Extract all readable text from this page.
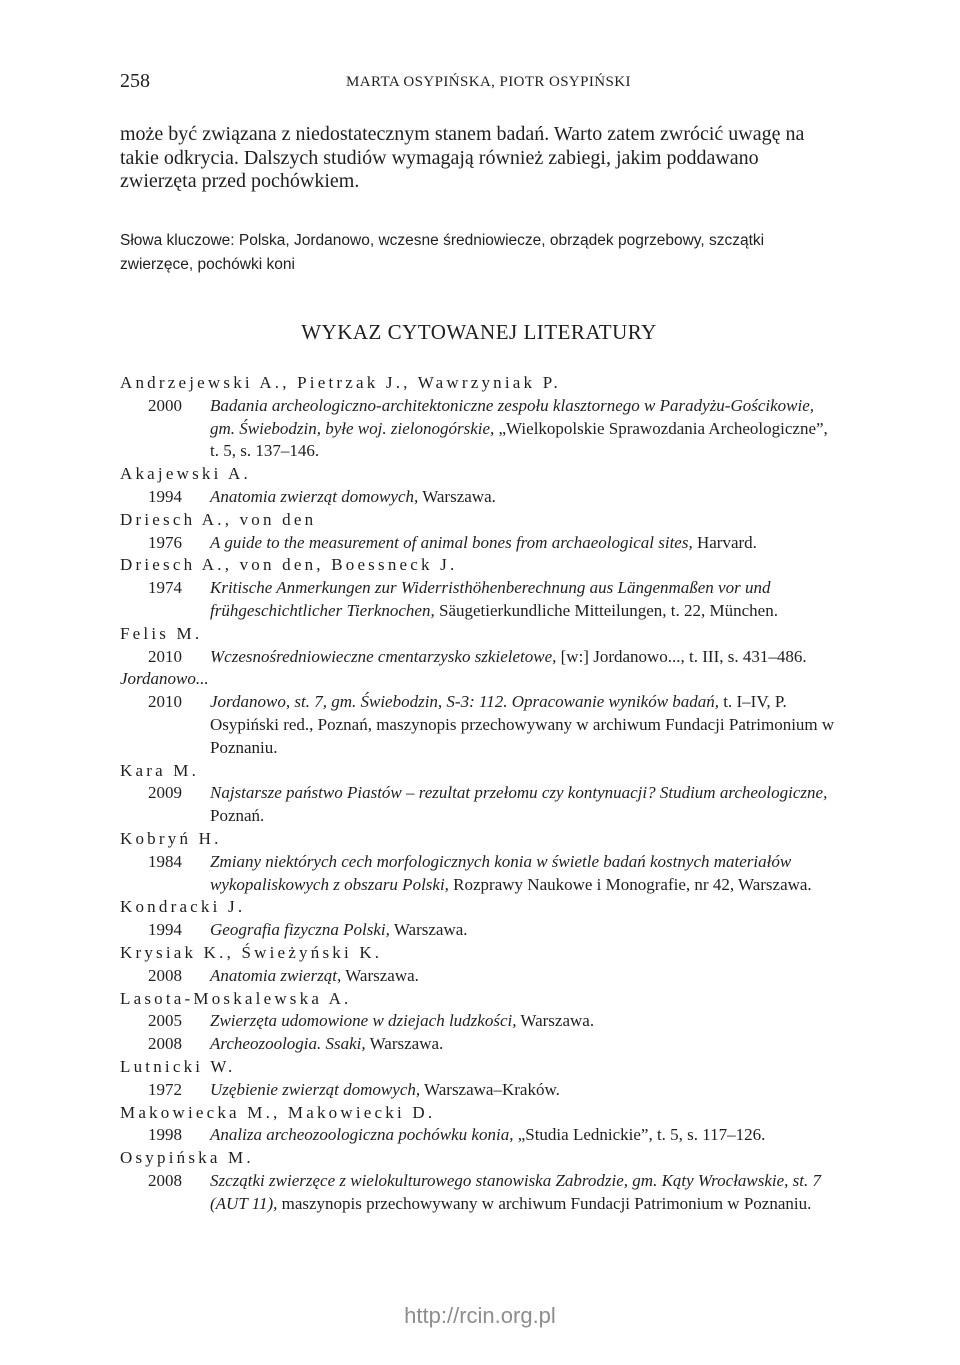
258	MARTA OSYPIŃSKA, PIOTR OSYPIŃSKI
może być związana z niedostatecznym stanem badań. Warto zatem zwrócić uwagę na takie odkrycia. Dalszych studiów wymagają również zabiegi, jakim poddawano zwierzęta przed pochówkiem.
Słowa kluczowe: Polska, Jordanowo, wczesne średniowiecze, obrządek pogrzebowy, szczątki zwierzęce, pochówki koni
WYKAZ CYTOWANEJ LITERATURY
Andrzejewski A., Pietrzak J., Wawrzyniak P.
2000 Badania archeologiczno-architektoniczne zespołu klasztornego w Paradyżu-Gościkowie, gm. Świebodzin, byłe woj. zielonogórskie, „Wielkopolskie Sprawozdania Archeologiczne”, t. 5, s. 137–146.
Akajewski A.
1994 Anatomia zwierząt domowych, Warszawa.
Driesch A., von den
1976 A guide to the measurement of animal bones from archaeological sites, Harvard.
Driesch A., von den, Boessneck J.
1974 Kritische Anmerkungen zur Widerristhöhenberechnung aus Längenmaßen vor und frühgeschichtlicher Tierknochen, Säugetierkundliche Mitteilungen, t. 22, München.
Felis M.
2010 Wczesnośredniowieczne cmentarzysko szkieletowe, [w:] Jordanowo..., t. III, s. 431–486.
Jordanowo...
2010 Jordanowo, st. 7, gm. Świebodzin, S-3: 112. Opracowanie wyników badań, t. I–IV, P. Osypiński red., Poznań, maszynopis przechowywany w archiwum Fundacji Patrimonium w Poznaniu.
Kara M.
2009 Najstarsze państwo Piastów – rezultat przełomu czy kontynuacji? Studium archeologiczne, Poznań.
Kobryń H.
1984 Zmiany niektórych cech morfologicznych konia w świetle badań kostnych materiałów wykopaliskowych z obszaru Polski, Rozprawy Naukowe i Monografie, nr 42, Warszawa.
Kondracki J.
1994 Geografia fizyczna Polski, Warszawa.
Krysiak K., Świeżyński K.
2008 Anatomia zwierząt, Warszawa.
Lasota-Moskalewska A.
2005 Zwierzęta udomowione w dziejach ludzkości, Warszawa.
2008 Archeozoologia. Ssaki, Warszawa.
Lutnicki W.
1972 Uzębienie zwierząt domowych, Warszawa–Kraków.
Makowiecka M., Makowiecki D.
1998 Analiza archeozoologiczna pochówku konia, „Studia Lednickie”, t. 5, s. 117–126.
Osypińska M.
2008 Szczątki zwierzęce z wielokulturowego stanowiska Zabrodzie, gm. Kąty Wrocławskie, st. 7 (AUT 11), maszynopis przechowywany w archiwum Fundacji Patrimonium w Poznaniu.
http://rcin.org.pl
